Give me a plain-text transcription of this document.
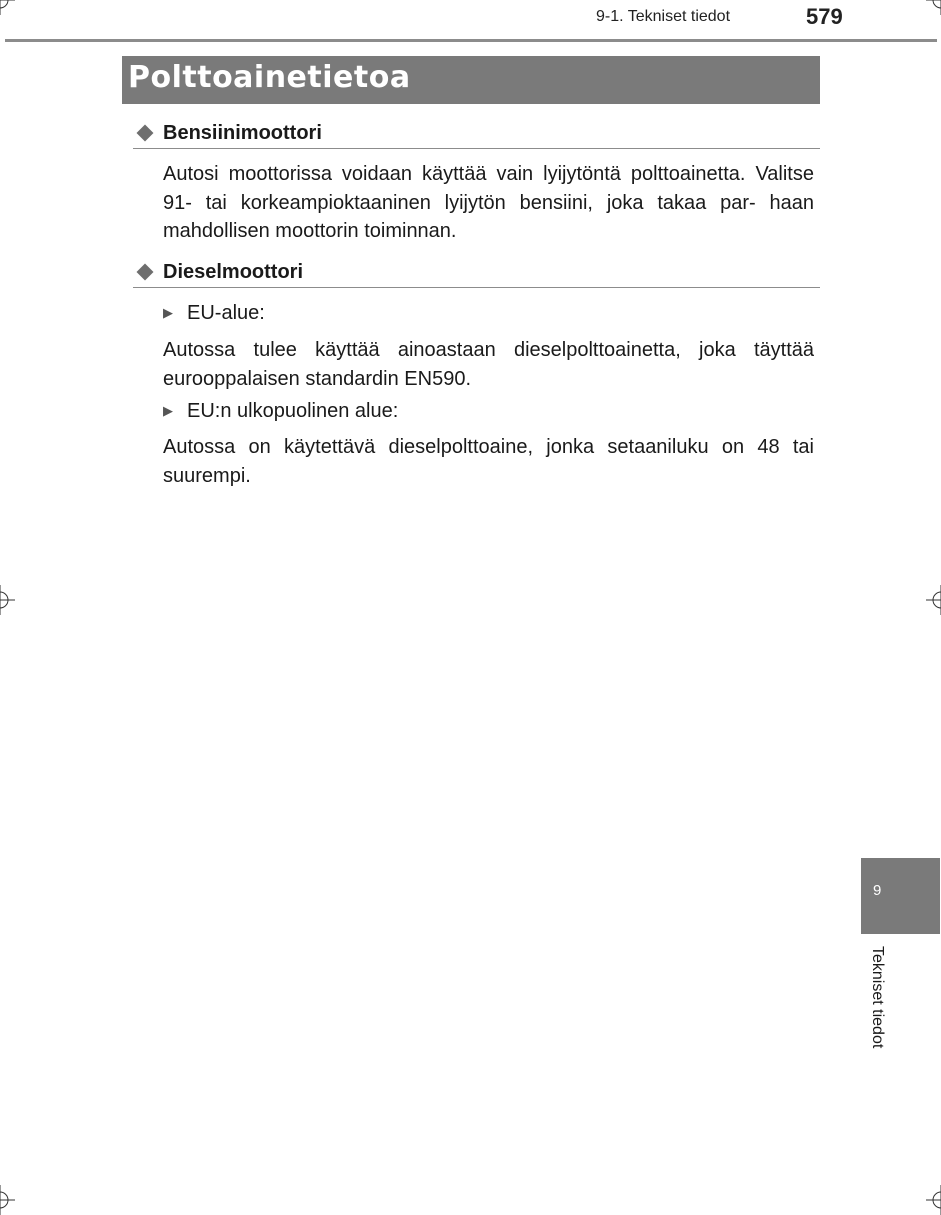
9-1. Tekniset tiedot	579
Polttoainetietoa
Bensiinimoottori
Autosi moottorissa voidaan käyttää vain lyijytöntä polttoainetta. Valitse 91- tai korkeampioktaaninen lyijytön bensiini, joka takaa par- haan mahdollisen moottorin toiminnan.
Dieselmoottori
▶ EU-alue:
Autossa tulee käyttää ainoastaan dieselpolttoainetta, joka täyttää eurooppalaisen standardin EN590.
▶ EU:n ulkopuolinen alue:
Autossa on käytettävä dieselpolttoaine, jonka setaaniluku on 48 tai suurempi.
9
Tekniset tiedot
